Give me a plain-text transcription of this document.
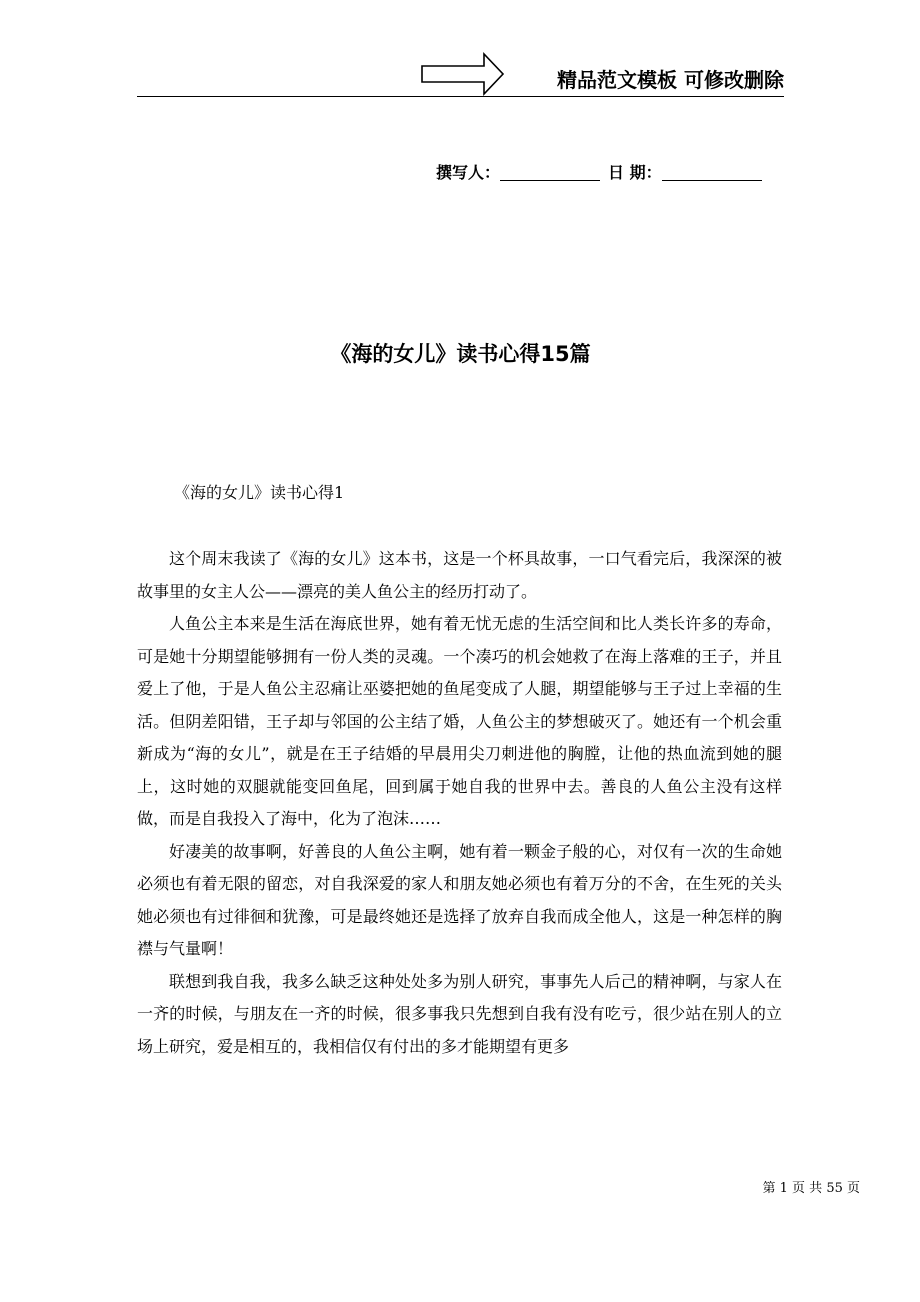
精品范文模板 可修改删除
撰写人：	日 期：
《海的女儿》读书心得15篇
《海的女儿》读书心得1

这个周末我读了《海的女儿》这本书，这是一个杯具故事，一口气看完后，我深深的被故事里的女主人公——漂亮的美人鱼公主的经历打动了。

人鱼公主本来是生活在海底世界，她有着无忧无虑的生活空间和比人类长许多的寿命，可是她十分期望能够拥有一份人类的灵魂。一个凑巧的机会她救了在海上落难的王子，并且爱上了他，于是人鱼公主忍痛让巫婆把她的鱼尾变成了人腿，期望能够与王子过上幸福的生活。但阴差阳错，王子却与邻国的公主结了婚，人鱼公主的梦想破灭了。她还有一个机会重新成为“海的女儿”，就是在王子结婚的早晨用尖刀刺进他的胸膛，让他的热血流到她的腿上，这时她的双腿就能变回鱼尾，回到属于她自我的世界中去。善良的人鱼公主没有这样做，而是自我投入了海中，化为了泡沫……

好凄美的故事啊，好善良的人鱼公主啊，她有着一颗金子般的心，对仅有一次的生命她必须也有着无限的留恋，对自我深爱的家人和朋友她必须也有着万分的不舍，在生死的关头她必须也有过徘徊和犹豫，可是最终她还是选择了放弃自我而成全他人，这是一种怎样的胸襟与气量啊！

联想到我自我，我多么缺乏这种处处多为别人研究，事事先人后己的精神啊，与家人在一齐的时候，与朋友在一齐的时候，很多事我只先想到自我有没有吃亏，很少站在别人的立场上研究，爱是相互的，我相信仅有付出的多才能期望有更多

第 1 页 共 55 页
